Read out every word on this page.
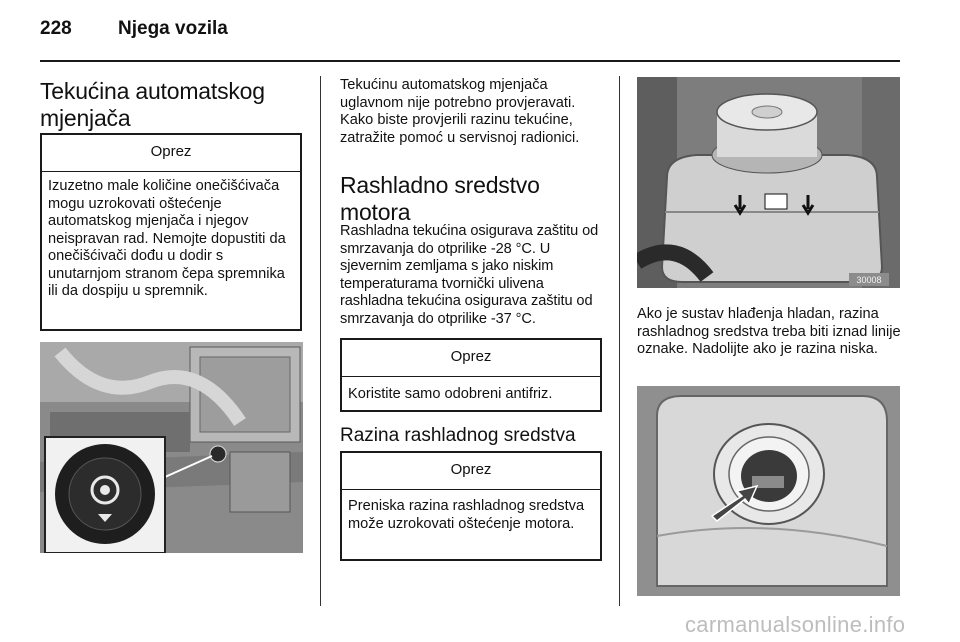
228 Njega vozila
Tekućina automatskog mjenjača
Oprez
Izuzetno male količine onečišćivača mogu uzrokovati oštećenje automatskog mjenjača i njegov neispravan rad. Nemojte dopustiti da onečišćivači dođu u dodir s unutarnjom stranom čepa spremnika ili da dospiju u spremnik.
Tekućinu automatskog mjenjača uglavnom nije potrebno provjeravati. Kako biste provjerili razinu tekućine, zatražite pomoć u servisnoj radionici.
Rashladno sredstvo motora
Rashladna tekućina osigurava zaštitu od smrzavanja do otprilike -28 °C. U sjevernim zemljama s jako niskim temperaturama tvornički ulivena rashladna tekućina osigurava zaštitu od smrzavanja do otprilike -37 °C.
Oprez
Koristite samo odobreni antifriz.
Razina rashladnog sredstva
Oprez
Preniska razina rashladnog sredstva može uzrokovati oštećenje motora.
30008
Ako je sustav hlađenja hladan, razina rashladnog sredstva treba biti iznad linije oznake. Nadolijte ako je razina niska.
carmanualsonline.info
